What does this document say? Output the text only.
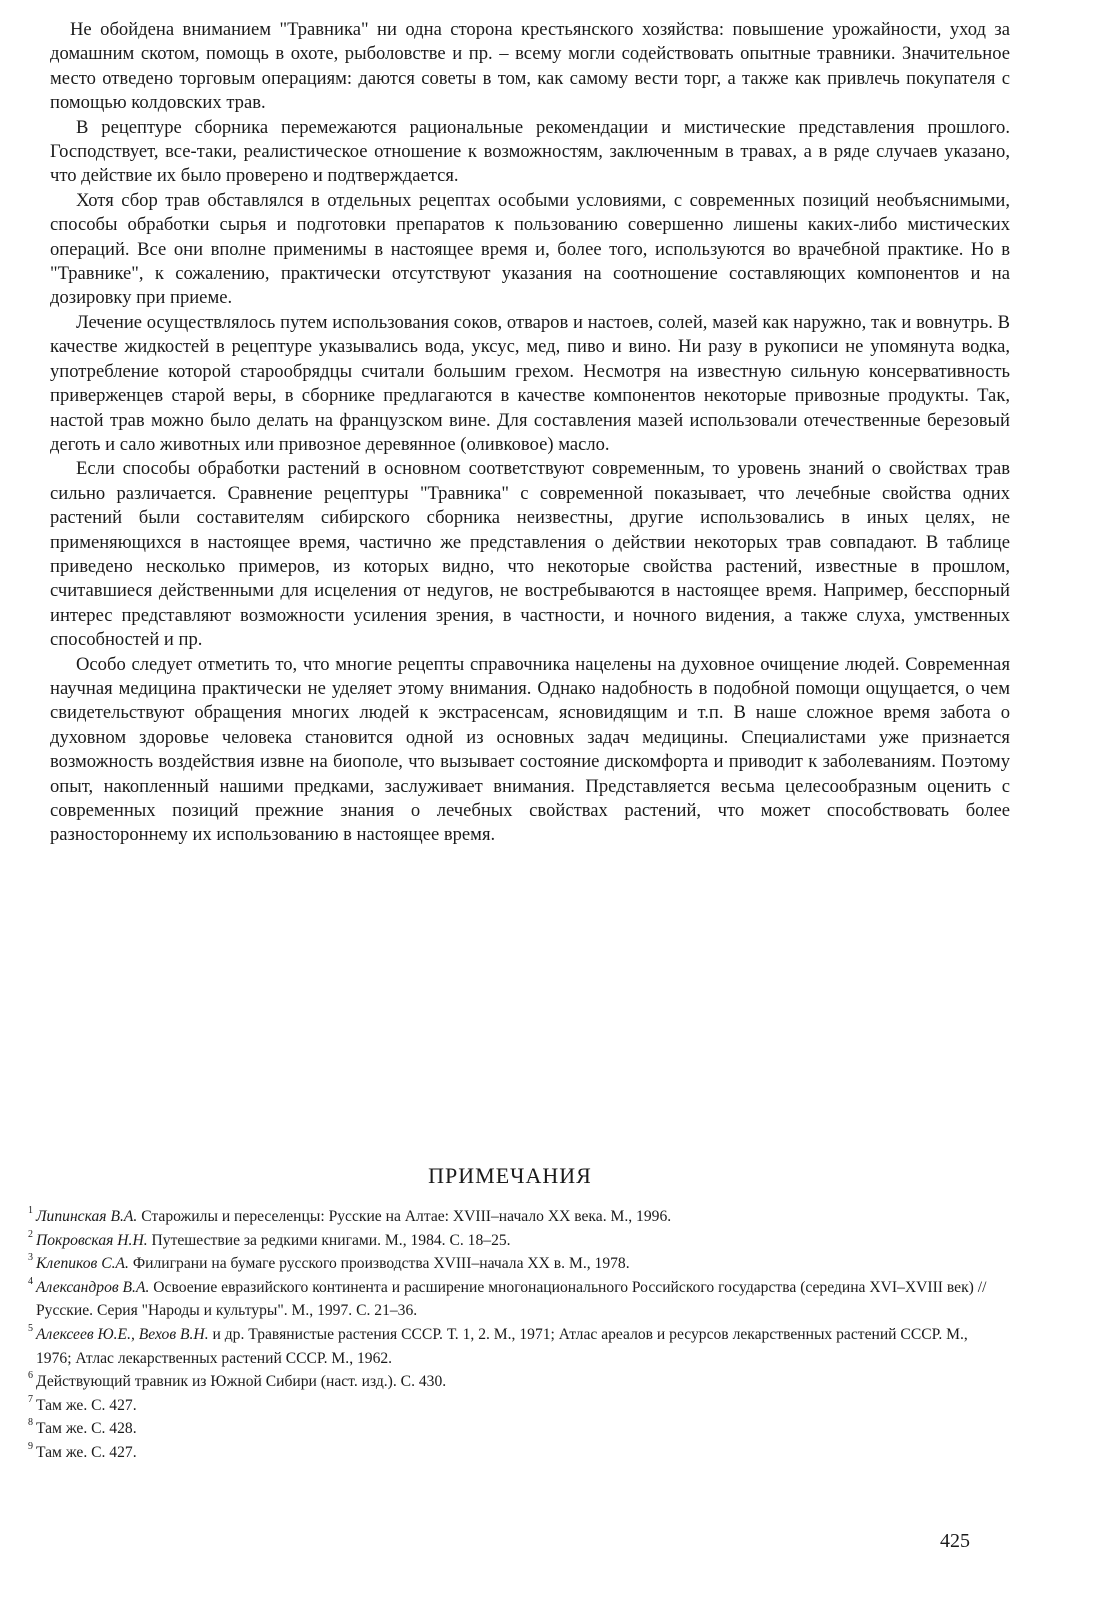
Не обойдена вниманием "Травника" ни одна сторона крестьянского хозяйства: повышение урожайности, уход за домашним скотом, помощь в охоте, рыболовстве и пр. – всему могли содействовать опытные травники. Значительное место отведено торговым операциям: даются советы в том, как самому вести торг, а также как привлечь покупателя с помощью колдовских трав.

В рецептуре сборника перемежаются рациональные рекомендации и мистические представления прошлого. Господствует, все-таки, реалистическое отношение к возможностям, заключенным в травах, а в ряде случаев указано, что действие их было проверено и подтверждается.

Хотя сбор трав обставлялся в отдельных рецептах особыми условиями, с современных позиций необъяснимыми, способы обработки сырья и подготовки препаратов к пользованию совершенно лишены каких-либо мистических операций. Все они вполне применимы в настоящее время и, более того, используются во врачебной практике. Но в "Травнике", к сожалению, практически отсутствуют указания на соотношение составляющих компонентов и на дозировку при приеме.

Лечение осуществлялось путем использования соков, отваров и настоев, солей, мазей как наружно, так и вовнутрь. В качестве жидкостей в рецептуре указывались вода, уксус, мед, пиво и вино. Ни разу в рукописи не упомянута водка, употребление которой старообрядцы считали большим грехом. Несмотря на известную сильную консервативность приверженцев старой веры, в сборнике предлагаются в качестве компонентов некоторые привозные продукты. Так, настой трав можно было делать на французском вине. Для составления мазей использовали отечественные березовый деготь и сало животных или привозное деревянное (оливковое) масло.

Если способы обработки растений в основном соответствуют современным, то уровень знаний о свойствах трав сильно различается. Сравнение рецептуры "Травника" с современной показывает, что лечебные свойства одних растений были составителям сибирского сборника неизвестны, другие использовались в иных целях, не применяющихся в настоящее время, частично же представления о действии некоторых трав совпадают. В таблице приведено несколько примеров, из которых видно, что некоторые свойства растений, известные в прошлом, считавшиеся действенными для исцеления от недугов, не востребываются в настоящее время. Например, бесспорный интерес представляют возможности усиления зрения, в частности, и ночного видения, а также слуха, умственных способностей и пр.

Особо следует отметить то, что многие рецепты справочника нацелены на духовное очищение людей. Современная научная медицина практически не уделяет этому внимания. Однако надобность в подобной помощи ощущается, о чем свидетельствуют обращения многих людей к экстрасенсам, ясновидящим и т.п. В наше сложное время забота о духовном здоровье человека становится одной из основных задач медицины. Специалистами уже признается возможность воздействия извне на биополе, что вызывает состояние дискомфорта и приводит к заболеваниям. Поэтому опыт, накопленный нашими предками, заслуживает внимания. Представляется весьма целесообразным оценить с современных позиций прежние знания о лечебных свойствах растений, что может способствовать более разностороннему их использованию в настоящее время.

ПРИМЕЧАНИЯ
1 Липинская В.А. Старожилы и переселенцы: Русские на Алтае: XVIII–начало XX века. М., 1996.
2 Покровская Н.Н. Путешествие за редкими книгами. М., 1984. С. 18–25.
3 Клепиков С.А. Филиграни на бумаге русского производства XVIII–начала XX в. М., 1978.
4 Александров В.А. Освоение евразийского континента и расширение многонационального Российского государства (середина XVI–XVIII век) // Русские. Серия "Народы и культуры". М., 1997. С. 21–36.
5 Алексеев Ю.Е., Вехов В.Н. и др. Травянистые растения СССР. Т. 1, 2. М., 1971; Атлас ареалов и ресурсов лекарственных растений СССР. М., 1976; Атлас лекарственных растений СССР. М., 1962.
6 Действующий травник из Южной Сибири (наст. изд.). С. 430.
7 Там же. С. 427.
8 Там же. С. 428.
9 Там же. С. 427.
425
